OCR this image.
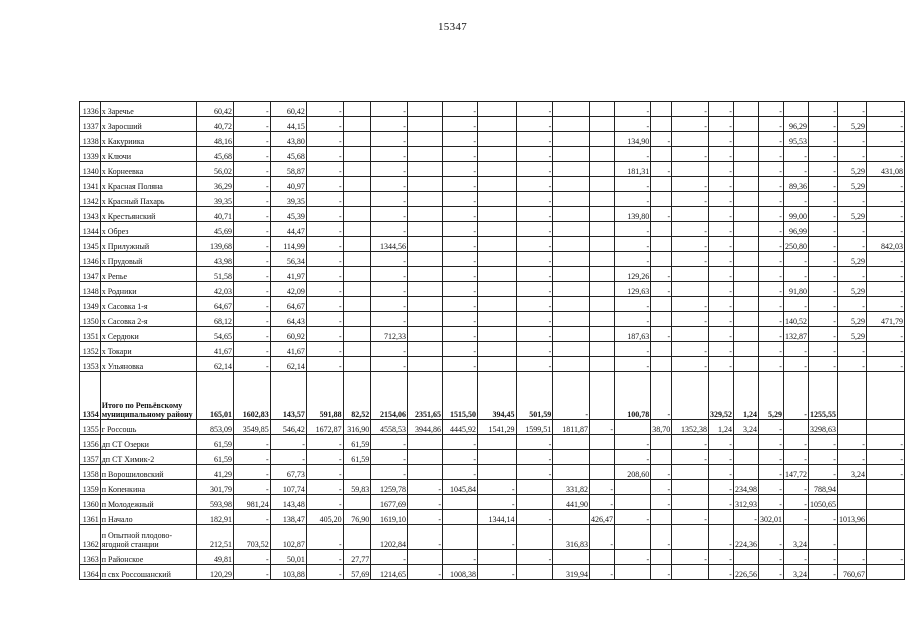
15347
1336	х Заречье	60,42	-	60,42	-		-		-		-			-		-	-		-		-	-	-
1337	х Заросший	40,72	-	44,15	-		-		-		-			-		-	-		-	96,29	-	5,29	-
1338	х Какуриика	48,16	-	43,80	-		-		-		-			134,90	-		-		-	95,53	-	-	-
1339	х Ключи	45,68	-	45,68	-		-		-		-			-		-	-		-	-	-	-	-
1340	х Корнеевка	56,02	-	58,87	-		-		-		-			181,31	-		-		-	-	-	5,29	431,08
1341	х Красная Поляна	36,29	-	40,97	-		-		-		-			-		-	-		-	89,36	-	5,29	-
1342	х Красный Пахарь	39,35	-	39,35	-		-		-		-			-		-	-		-	-	-	-	-
1343	х Крестьянский	40,71	-	45,39	-		-		-		-			139,80	-		-		-	99,00	-	5,29	-
1344	х Обрез	45,69	-	44,47	-		-		-		-			-		-	-		-	96,99	-	-	-
1345	х Прилужный	139,68	-	114,99	-		1344,56		-		-			-		-	-		-	250,80	-	-	842,03
1346	х Прудовый	43,98	-	56,34	-		-		-		-			-		-	-		-	-	-	5,29	-
1347	х Репье	51,58	-	41,97	-		-		-		-			129,26	-		-		-	-	-	-	-
1348	х Родники	42,03	-	42,09	-		-		-		-			129,63	-		-		-	91,80	-	5,29	-
1349	х Сасовка 1-я	64,67	-	64,67	-		-		-		-			-		-	-		-	-	-	-	-
1350	х Сасовка 2-я	68,12	-	64,43	-		-		-		-			-		-	-		-	140,52	-	5,29	471,79
1351	х Сердюки	54,65	-	60,92	-		712,33		-		-			187,63	-		-		-	132,87	-	5,29	-
1352	х Токари	41,67	-	41,67	-		-		-		-			-		-	-		-	-	-	-	-
1353	х Ульяновка	62,14	-	62,14	-		-		-		-			-		-	-		-	-	-	-	-
1354	Итого по Репьёвскому муниципальному району	165,01	1602,83	143,57	591,88	82,52	2154,06	2351,65	1515,50	394,45	501,59	-		100,78	-		329,52	1,24	5,29	-	1255,55		
1355	г Россошь	853,09	3549,85	546,42	1672,87	316,90	4558,53	3944,86	4445,92	1541,29	1599,51	1811,87	-		38,70	1352,38	1,24	3,24	-		3298,63		
1356	дп СТ Озерки	61,59	-	-	-	61,59	-		-		-			-		-	-		-	-	-	-	-
1357	дп СТ Химик-2	61,59	-	-	-	61,59	-		-		-			-		-	-		-	-	-	-	-
1358	п Ворошиловский	41,29	-	67,73	-		-		-		-			208,60	-		-		-	147,72	-	3,24	-
1359	п Копенкина	301,79	-	107,74	-	59,83	1259,78	-	1045,84	-		331,82	-		-		-	234,98	-	-	788,94		
1360	п Молодежный	593,98	981,24	143,48	-		1677,69	-		-		441,90	-		-		-	312,93	-	-	1050,65		
1361	п Начало	182,91	-	138,47	405,20	76,90	1619,10	-		1344,14	-		426,47	-		-		-	302,01	-	-	1013,96	
1362	п Опытной плодово-ягодной станции	212,51	703,52	102,87	-		1202,84	-		-		316,83	-		-		-	224,36	-	3,24	-		
1363	п Районское	49,81	-	50,01	-	27,77	-		-		-			-		-	-		-	-	-	-	-
1364	п свх Россошанский	120,29	-	103,88	-	57,69	1214,65	-	1008,38	-		319,94	-		-		-	226,56	-	3,24	-	760,67	
